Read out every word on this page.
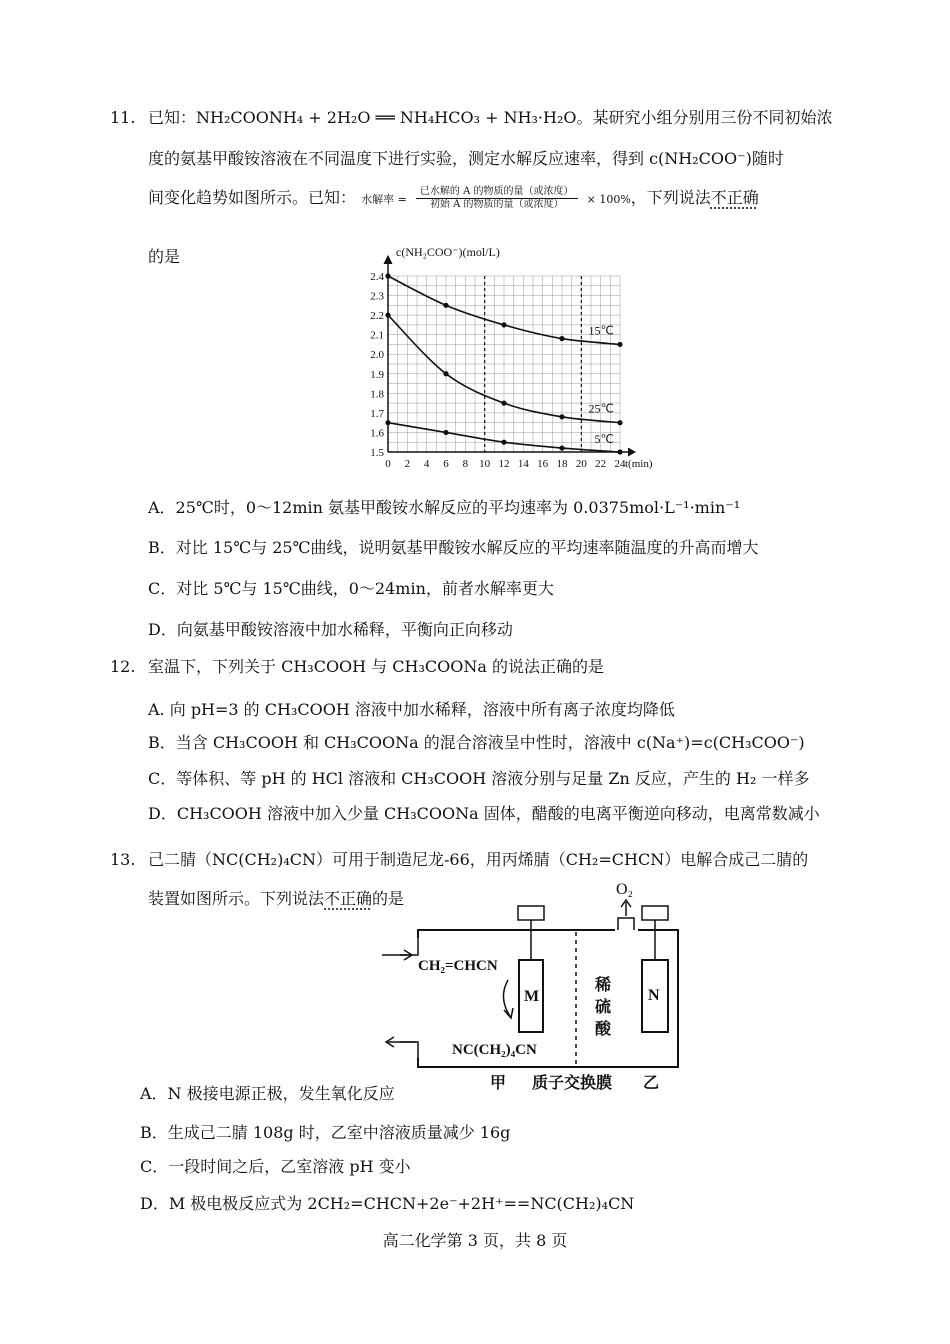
11. 已知：NH₂COONH₄ + 2H₂O ══ NH₄HCO₃ + NH₃·H₂O。某研究小组分别用三份不同初始浓
度的氨基甲酸铵溶液在不同温度下进行实验，测定水解反应速率，得到 c(NH₂COO⁻)随时
间变化趋势如图所示。已知： 水解率 = $\frac{\text{已水解的 A 的物质的量（或浓度）}}{\text{初始 A 的物质的量（或浓度）}} \times 100\%$，下列说法不正确
的是
0 2 4 6 8 10 12 14 16 18 20 22 24
1.5
1.6
1.7
1.8
1.9
2.0
2.1
2.2
2.3
2.4
c(NH₂COO⁻)(mol/L)
t(min)
15℃
25℃
5℃
A．25℃时，0～12min 氨基甲酸铵水解反应的平均速率为 0.0375mol·L⁻¹·min⁻¹
B．对比 15℃与 25℃曲线，说明氨基甲酸铵水解反应的平均速率随温度的升高而增大
C．对比 5℃与 15℃曲线，0～24min，前者水解率更大
D．向氨基甲酸铵溶液中加水稀释，平衡向正向移动
12. 室温下，下列关于 CH₃COOH 与 CH₃COONa 的说法正确的是
A. 向 pH=3 的 CH₃COOH 溶液中加水稀释，溶液中所有离子浓度均降低
B．当含 CH₃COOH 和 CH₃COONa 的混合溶液呈中性时，溶液中 c(Na⁺)=c(CH₃COO⁻)
C．等体积、等 pH 的 HCl 溶液和 CH₃COOH 溶液分别与足量 Zn 反应，产生的 H₂ 一样多
D．CH₃COOH 溶液中加入少量 CH₃COONa 固体，醋酸的电离平衡逆向移动，电离常数减小
13. 己二腈（NC(CH₂)₄CN）可用于制造尼龙-66，用丙烯腈（CH₂=CHCN）电解合成己二腈的
装置如图所示。下列说法不正确的是	O₂
M	N
CH₂=CHCN
NC(CH₂)₄CN
稀
硫
酸
甲 质子交换膜 乙
A．N 极接电源正极，发生氧化反应
B．生成己二腈 108g 时，乙室中溶液质量减少 16g
C．一段时间之后，乙室溶液 pH 变小
D．M 极电极反应式为 2CH₂=CHCN+2e⁻+2H⁺==NC(CH₂)₄CN
高二化学第 3 页，共 8 页
